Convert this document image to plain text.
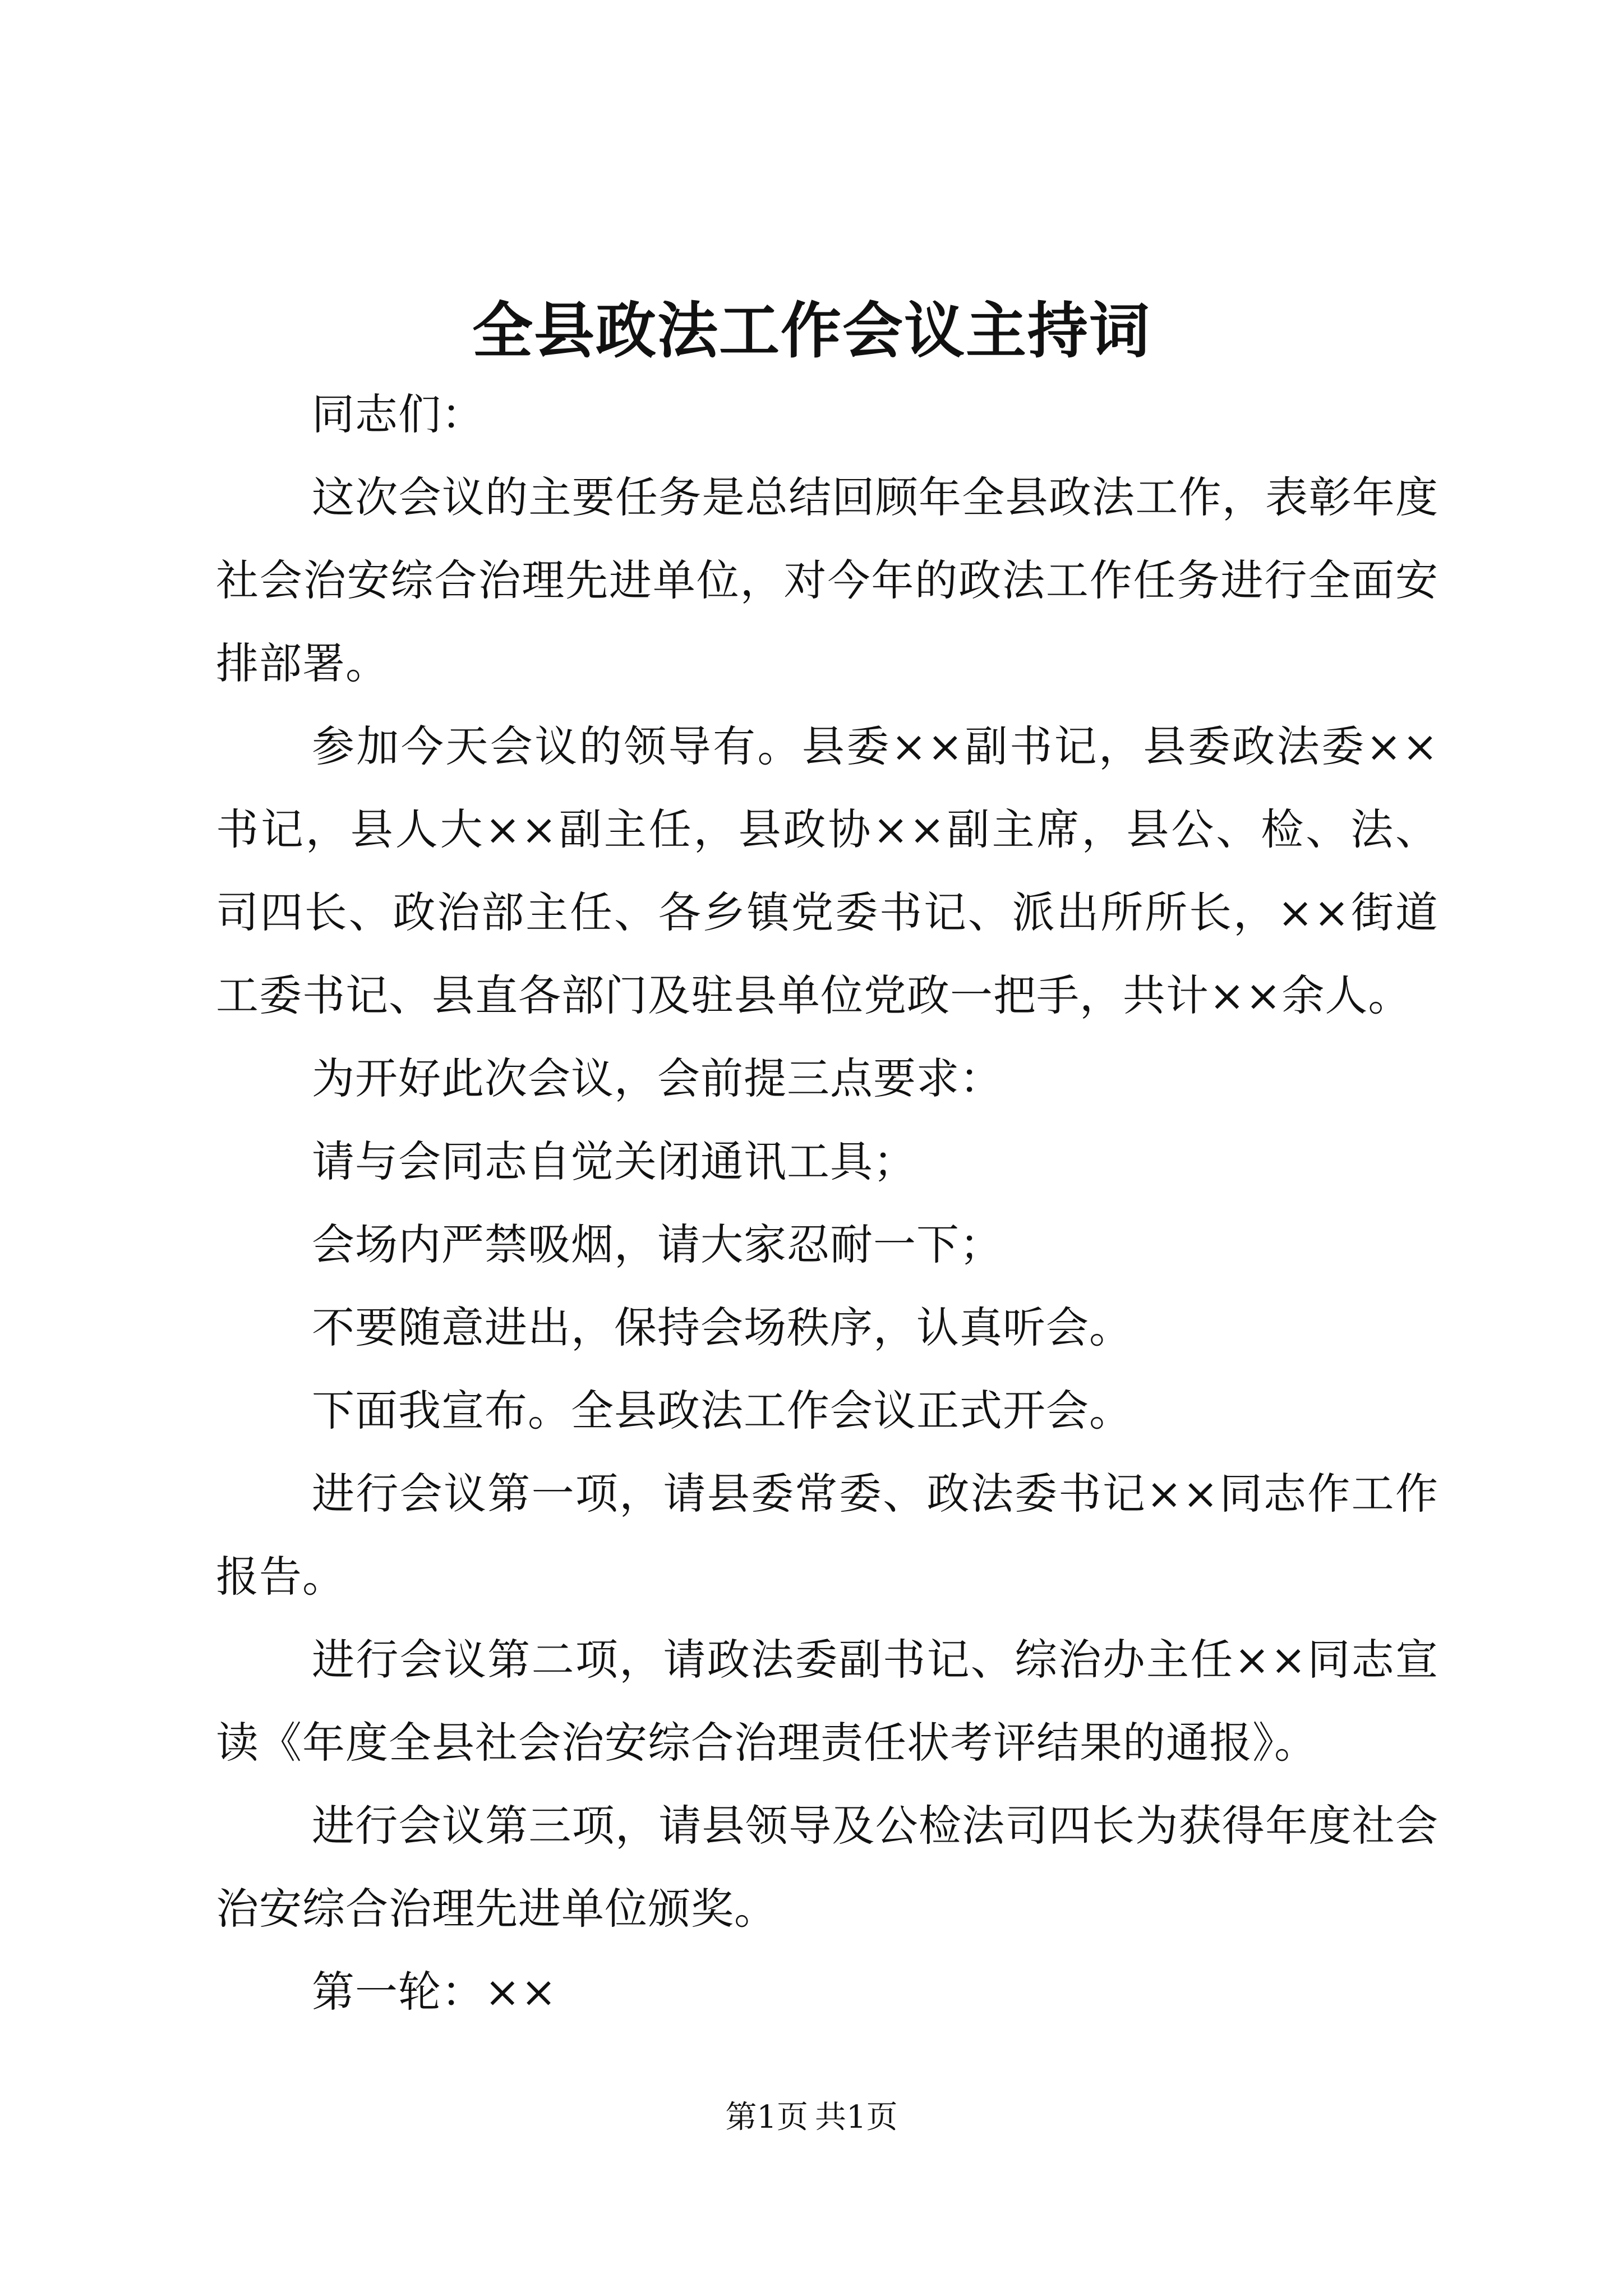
全县政法工作会议主持词

同志们：

这次会议的主要任务是总结回顾年全县政法工作，表彰年度社会治安综合治理先进单位，对今年的政法工作任务进行全面安排部署。

参加今天会议的领导有。县委××副书记，县委政法委××书记，县人大××副主任，县政协××副主席，县公、检、法、司四长、政治部主任、各乡镇党委书记、派出所所长，××街道工委书记、县直各部门及驻县单位党政一把手，共计××余人。

为开好此次会议，会前提三点要求：

请与会同志自觉关闭通讯工具；

会场内严禁吸烟，请大家忍耐一下；

不要随意进出，保持会场秩序，认真听会。

下面我宣布。全县政法工作会议正式开会。

进行会议第一项，请县委常委、政法委书记××同志作工作报告。

进行会议第二项，请政法委副书记、综治办主任××同志宣读《年度全县社会治安综合治理责任状考评结果的通报》。

进行会议第三项，请县领导及公检法司四长为获得年度社会治安综合治理先进单位颁奖。

第一轮：××

第1页 共1页
